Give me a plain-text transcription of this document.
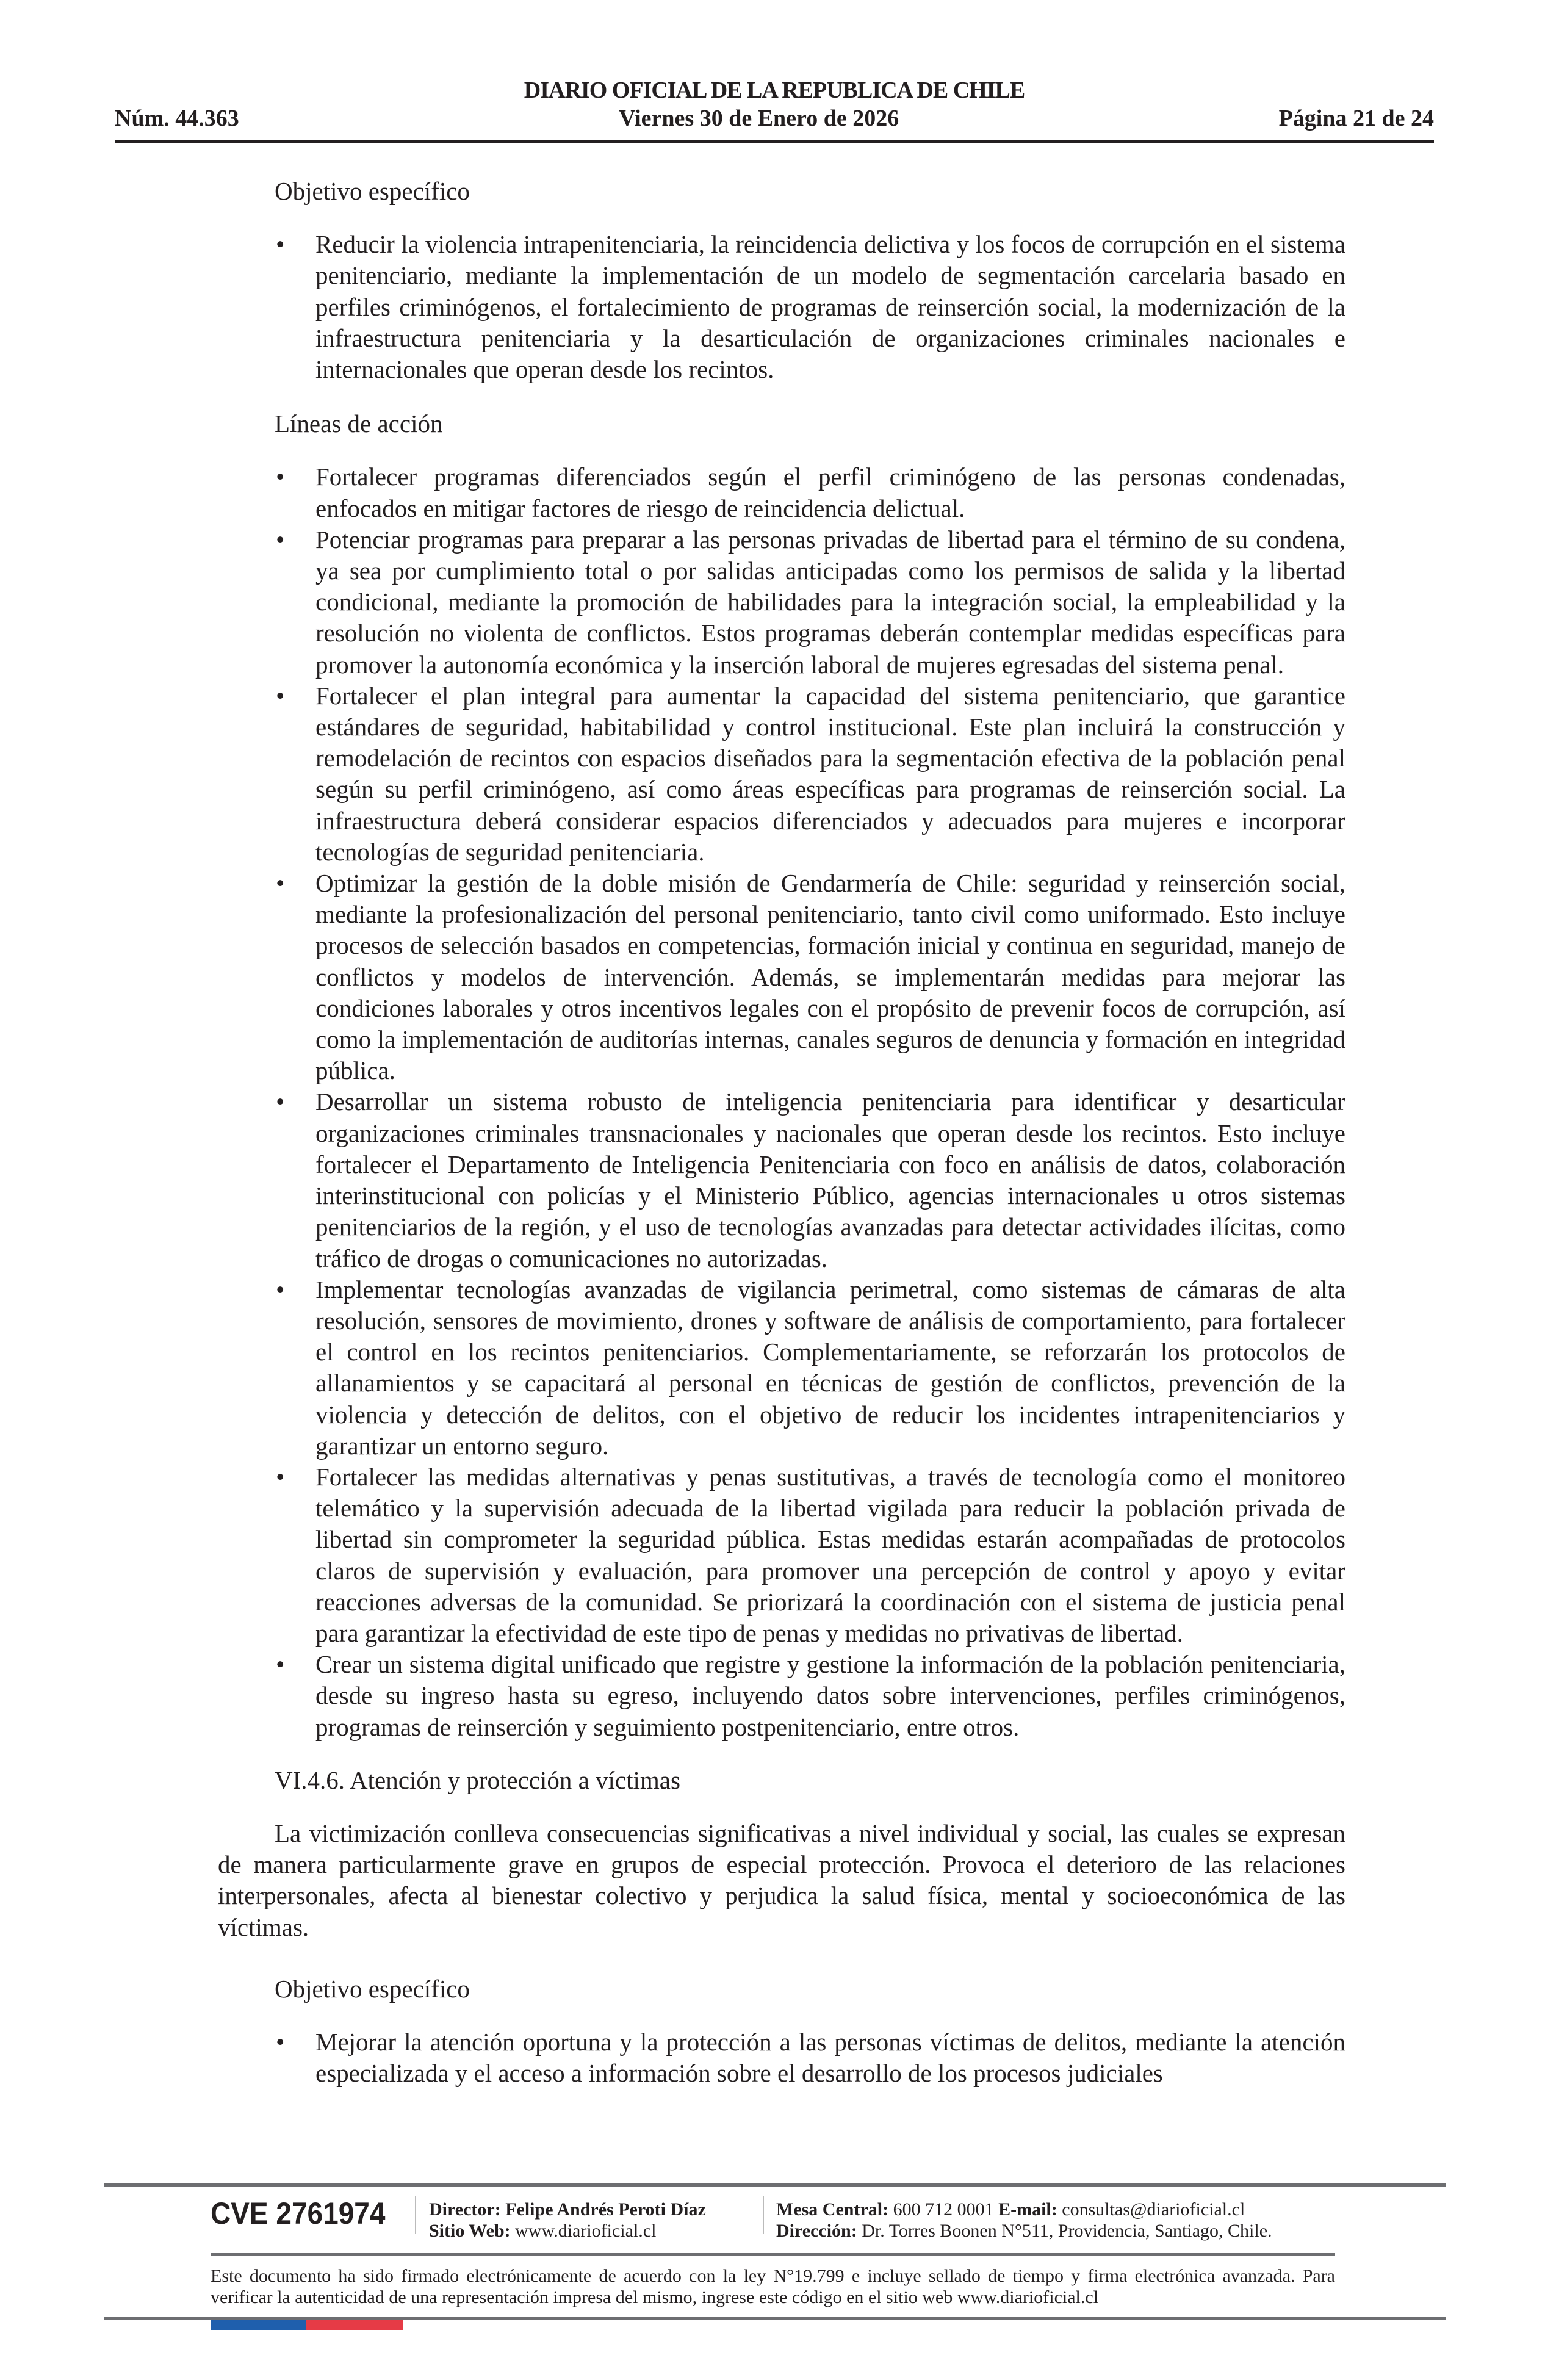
DIARIO OFICIAL DE LA REPUBLICA DE CHILE
Núm. 44.363	Viernes 30 de Enero de 2026	Página 21 de 24
Objetivo específico
• Reducir la violencia intrapenitenciaria, la reincidencia delictiva y los focos de corrupción en el sistema penitenciario, mediante la implementación de un modelo de segmentación carcelaria basado en perfiles criminógenos, el fortalecimiento de programas de reinserción social, la modernización de la infraestructura penitenciaria y la desarticulación de organizaciones criminales nacionales e internacionales que operan desde los recintos.
Líneas de acción
• Fortalecer programas diferenciados según el perfil criminógeno de las personas condenadas, enfocados en mitigar factores de riesgo de reincidencia delictual.
• Potenciar programas para preparar a las personas privadas de libertad para el término de su condena, ya sea por cumplimiento total o por salidas anticipadas como los permisos de salida y la libertad condicional, mediante la promoción de habilidades para la integración social, la empleabilidad y la resolución no violenta de conflictos. Estos programas deberán contemplar medidas específicas para promover la autonomía económica y la inserción laboral de mujeres egresadas del sistema penal.
• Fortalecer el plan integral para aumentar la capacidad del sistema penitenciario, que garantice estándares de seguridad, habitabilidad y control institucional. Este plan incluirá la construcción y remodelación de recintos con espacios diseñados para la segmentación efectiva de la población penal según su perfil criminógeno, así como áreas específicas para programas de reinserción social. La infraestructura deberá considerar espacios diferenciados y adecuados para mujeres e incorporar tecnologías de seguridad penitenciaria.
• Optimizar la gestión de la doble misión de Gendarmería de Chile: seguridad y reinserción social, mediante la profesionalización del personal penitenciario, tanto civil como uniformado. Esto incluye procesos de selección basados en competencias, formación inicial y continua en seguridad, manejo de conflictos y modelos de intervención. Además, se implementarán medidas para mejorar las condiciones laborales y otros incentivos legales con el propósito de prevenir focos de corrupción, así como la implementación de auditorías internas, canales seguros de denuncia y formación en integridad pública.
• Desarrollar un sistema robusto de inteligencia penitenciaria para identificar y desarticular organizaciones criminales transnacionales y nacionales que operan desde los recintos. Esto incluye fortalecer el Departamento de Inteligencia Penitenciaria con foco en análisis de datos, colaboración interinstitucional con policías y el Ministerio Público, agencias internacionales u otros sistemas penitenciarios de la región, y el uso de tecnologías avanzadas para detectar actividades ilícitas, como tráfico de drogas o comunicaciones no autorizadas.
• Implementar tecnologías avanzadas de vigilancia perimetral, como sistemas de cámaras de alta resolución, sensores de movimiento, drones y software de análisis de comportamiento, para fortalecer el control en los recintos penitenciarios. Complementariamente, se reforzarán los protocolos de allanamientos y se capacitará al personal en técnicas de gestión de conflictos, prevención de la violencia y detección de delitos, con el objetivo de reducir los incidentes intrapenitenciarios y garantizar un entorno seguro.
• Fortalecer las medidas alternativas y penas sustitutivas, a través de tecnología como el monitoreo telemático y la supervisión adecuada de la libertad vigilada para reducir la población privada de libertad sin comprometer la seguridad pública. Estas medidas estarán acompañadas de protocolos claros de supervisión y evaluación, para promover una percepción de control y apoyo y evitar reacciones adversas de la comunidad. Se priorizará la coordinación con el sistema de justicia penal para garantizar la efectividad de este tipo de penas y medidas no privativas de libertad.
• Crear un sistema digital unificado que registre y gestione la información de la población penitenciaria, desde su ingreso hasta su egreso, incluyendo datos sobre intervenciones, perfiles criminógenos, programas de reinserción y seguimiento postpenitenciario, entre otros.
VI.4.6. Atención y protección a víctimas

La victimización conlleva consecuencias significativas a nivel individual y social, las cuales se expresan de manera particularmente grave en grupos de especial protección. Provoca el deterioro de las relaciones interpersonales, afecta al bienestar colectivo y perjudica la salud física, mental y socioeconómica de las víctimas.

Objetivo específico
• Mejorar la atención oportuna y la protección a las personas víctimas de delitos, mediante la atención especializada y el acceso a información sobre el desarrollo de los procesos judiciales
CVE 2761974 Director: Felipe Andrés Peroti Díaz
Sitio Web: www.diarioficial.cl
Mesa Central: 600 712 0001 E-mail: consultas@diarioficial.cl
Dirección: Dr. Torres Boonen N°511, Providencia, Santiago, Chile.
Este documento ha sido firmado electrónicamente de acuerdo con la ley N°19.799 e incluye sellado de tiempo y firma electrónica avanzada. Para verificar la autenticidad de una representación impresa del mismo, ingrese este código en el sitio web www.diarioficial.cl
